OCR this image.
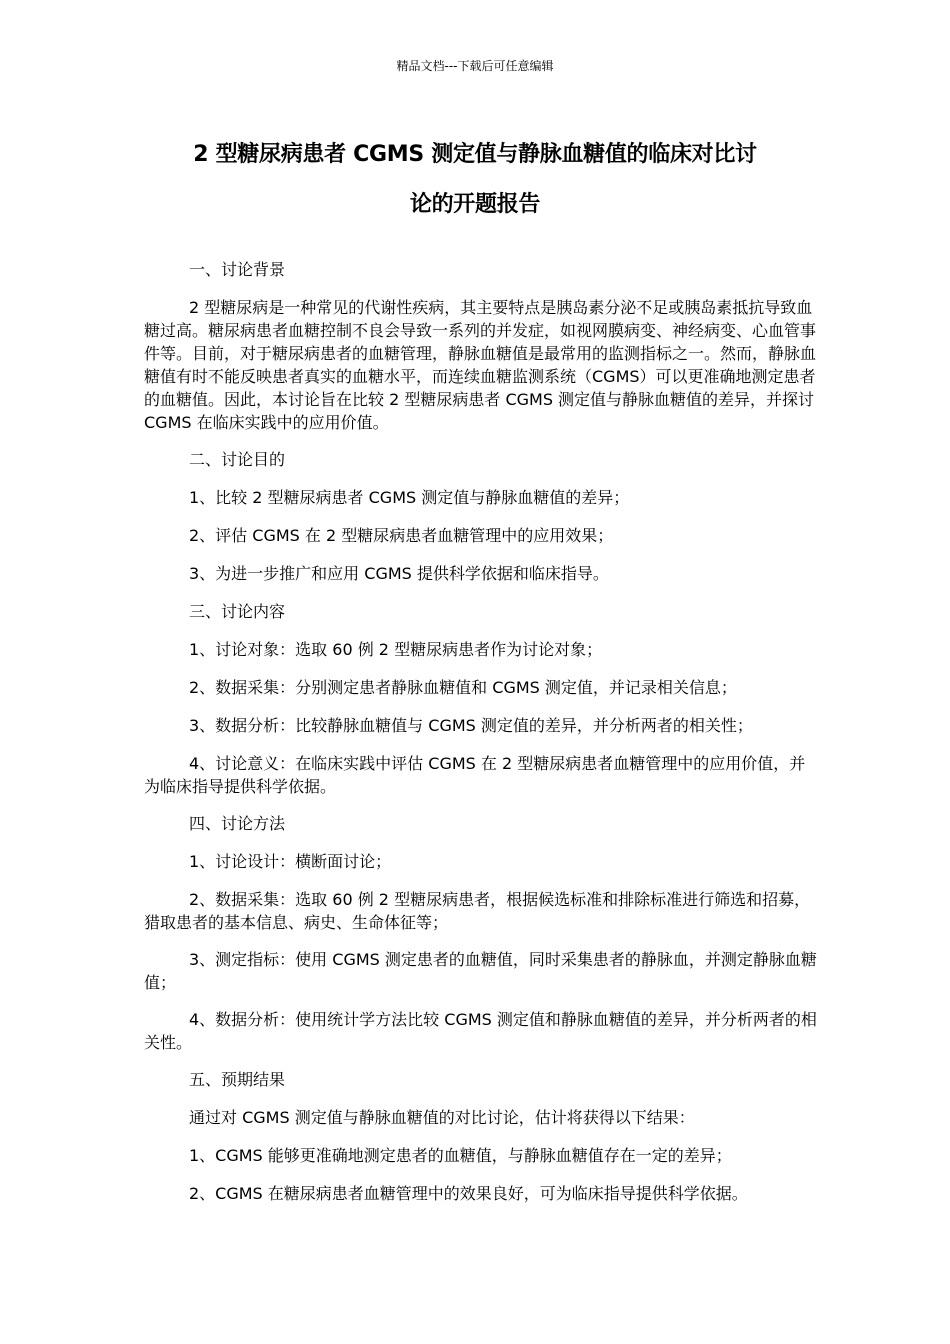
精品文档---下载后可任意编辑
2 型糖尿病患者 CGMS 测定值与静脉血糖值的临床对比讨
论的开题报告

一、讨论背景

2 型糖尿病是一种常见的代谢性疾病，其主要特点是胰岛素分泌不足或胰岛素抵抗导致血糖过高。糖尿病患者血糖控制不良会导致一系列的并发症，如视网膜病变、神经病变、心血管事件等。目前，对于糖尿病患者的血糖管理，静脉血糖值是最常用的监测指标之一。然而，静脉血糖值有时不能反映患者真实的血糖水平，而连续血糖监测系统（CGMS）可以更准确地测定患者的血糖值。因此，本讨论旨在比较 2 型糖尿病患者 CGMS 测定值与静脉血糖值的差异，并探讨 CGMS 在临床实践中的应用价值。

二、讨论目的

1、比较 2 型糖尿病患者 CGMS 测定值与静脉血糖值的差异；

2、评估 CGMS 在 2 型糖尿病患者血糖管理中的应用效果；

3、为进一步推广和应用 CGMS 提供科学依据和临床指导。

三、讨论内容

1、讨论对象：选取 60 例 2 型糖尿病患者作为讨论对象；

2、数据采集：分别测定患者静脉血糖值和 CGMS 测定值，并记录相关信息；

3、数据分析：比较静脉血糖值与 CGMS 测定值的差异，并分析两者的相关性；

4、讨论意义：在临床实践中评估 CGMS 在 2 型糖尿病患者血糖管理中的应用价值，并为临床指导提供科学依据。

四、讨论方法

1、讨论设计：横断面讨论；

2、数据采集：选取 60 例 2 型糖尿病患者，根据候选标准和排除标准进行筛选和招募，猎取患者的基本信息、病史、生命体征等；

3、测定指标：使用 CGMS 测定患者的血糖值，同时采集患者的静脉血，并测定静脉血糖值；

4、数据分析：使用统计学方法比较 CGMS 测定值和静脉血糖值的差异，并分析两者的相关性。

五、预期结果

通过对 CGMS 测定值与静脉血糖值的对比讨论，估计将获得以下结果：

1、CGMS 能够更准确地测定患者的血糖值，与静脉血糖值存在一定的差异；

2、CGMS 在糖尿病患者血糖管理中的效果良好，可为临床指导提供科学依据。
